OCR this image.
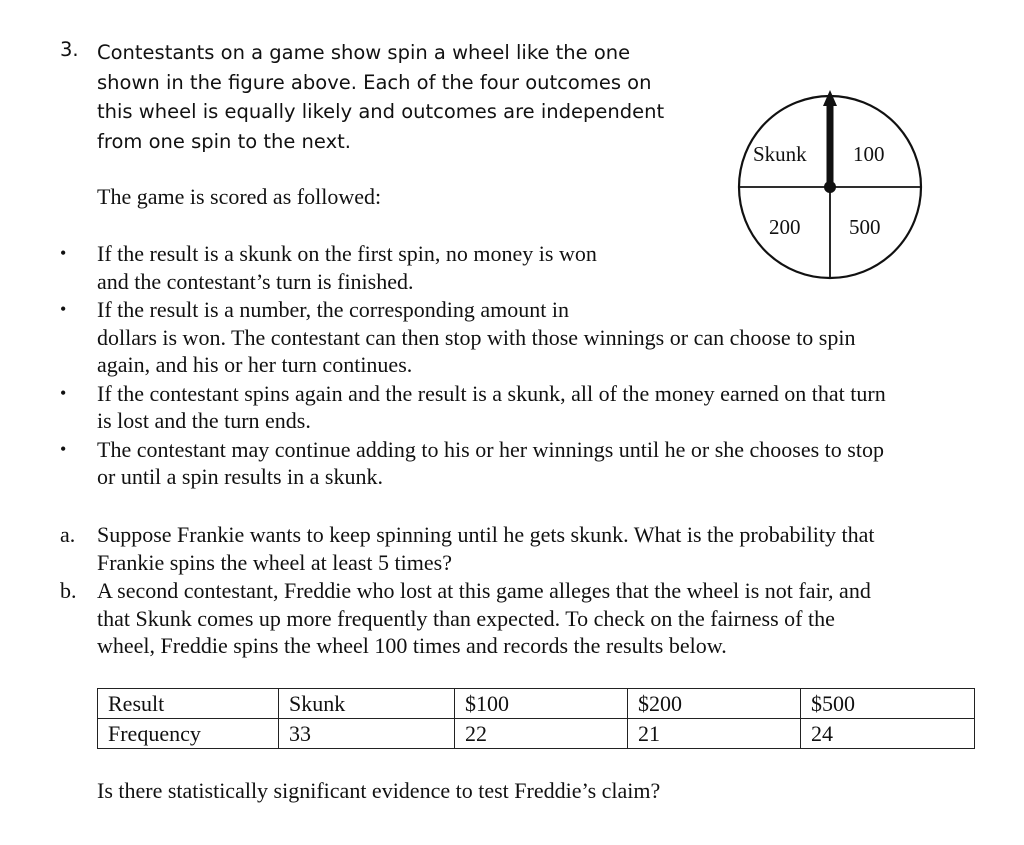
3. Contestants on a game show spin a wheel like the one
shown in the figure above. Each of the four outcomes on
this wheel is equally likely and outcomes are independent
from one spin to the next.
The game is scored as followed:
Skunk 100
200 500
• If the result is a skunk on the first spin, no money is won
and the contestant’s turn is finished.
• If the result is a number, the corresponding amount in
dollars is won. The contestant can then stop with those winnings or can choose to spin
again, and his or her turn continues.
• If the contestant spins again and the result is a skunk, all of the money earned on that turn
is lost and the turn ends.
• The contestant may continue adding to his or her winnings until he or she chooses to stop
or until a spin results in a skunk.
a. Suppose Frankie wants to keep spinning until he gets skunk. What is the probability that
Frankie spins the wheel at least 5 times?
b. A second contestant, Freddie who lost at this game alleges that the wheel is not fair, and
that Skunk comes up more frequently than expected. To check on the fairness of the
wheel, Freddie spins the wheel 100 times and records the results below.
Result	Skunk	$100	$200	$500
Frequency	33	22	21	24
Is there statistically significant evidence to test Freddie’s claim?
